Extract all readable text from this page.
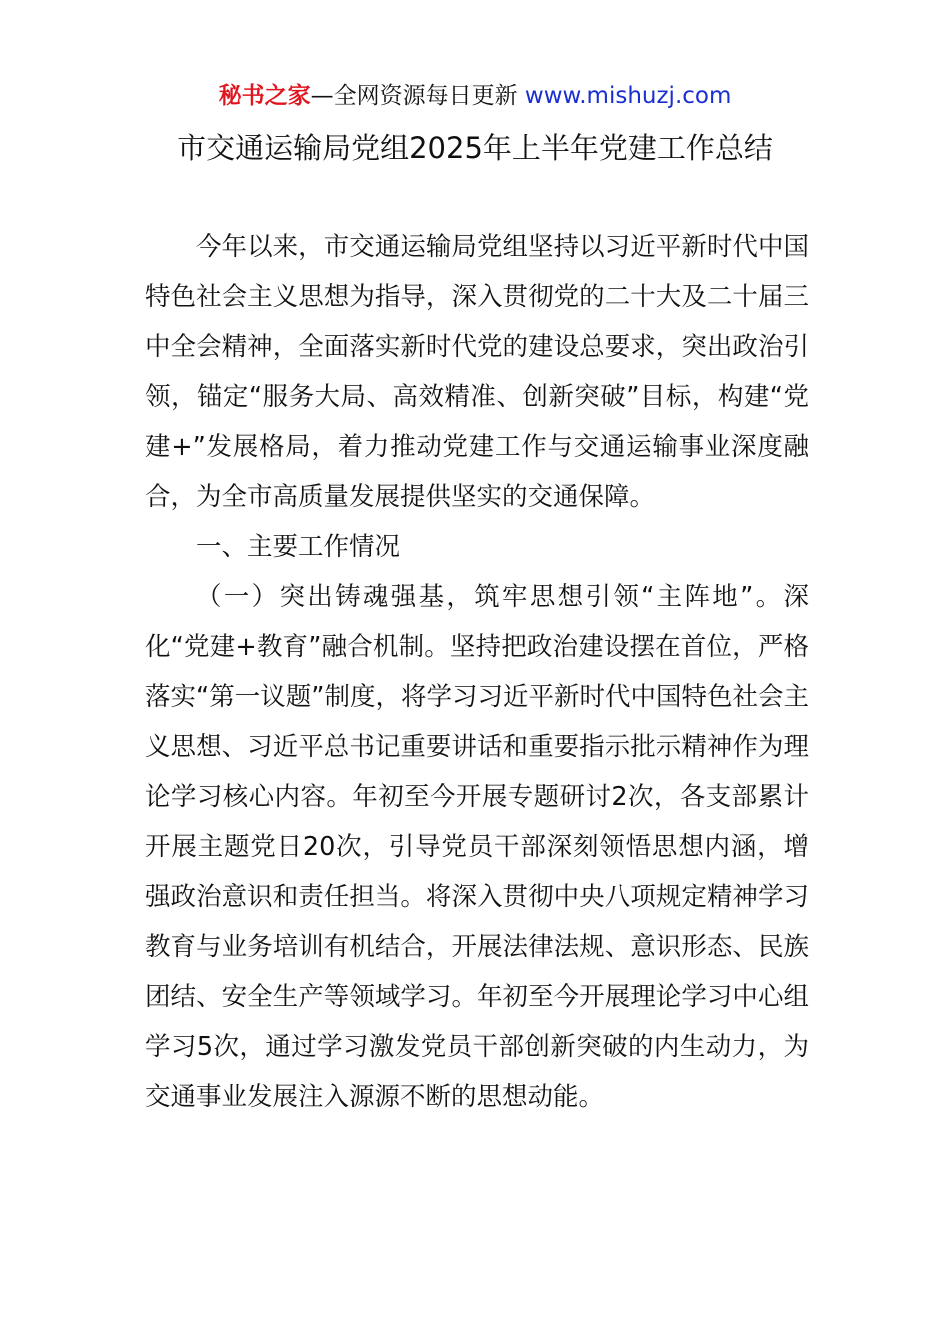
秘书之家—全网资源每日更新 www.mishuzj.com
市交通运输局党组2025年上半年党建工作总结

今年以来，市交通运输局党组坚持以习近平新时代中国特色社会主义思想为指导，深入贯彻党的二十大及二十届三中全会精神，全面落实新时代党的建设总要求，突出政治引领，锚定“服务大局、高效精准、创新突破”目标，构建“党建+”发展格局，着力推动党建工作与交通运输事业深度融合，为全市高质量发展提供坚实的交通保障。

一、主要工作情况

（一）突出铸魂强基，筑牢思想引领“主阵地”。深化“党建+教育”融合机制。坚持把政治建设摆在首位，严格落实“第一议题”制度，将学习习近平新时代中国特色社会主义思想、习近平总书记重要讲话和重要指示批示精神作为理论学习核心内容。年初至今开展专题研讨2次，各支部累计开展主题党日20次，引导党员干部深刻领悟思想内涵，增强政治意识和责任担当。将深入贯彻中央八项规定精神学习教育与业务培训有机结合，开展法律法规、意识形态、民族团结、安全生产等领域学习。年初至今开展理论学习中心组学习5次，通过学习激发党员干部创新突破的内生动力，为交通事业发展注入源源不断的思想动能。
